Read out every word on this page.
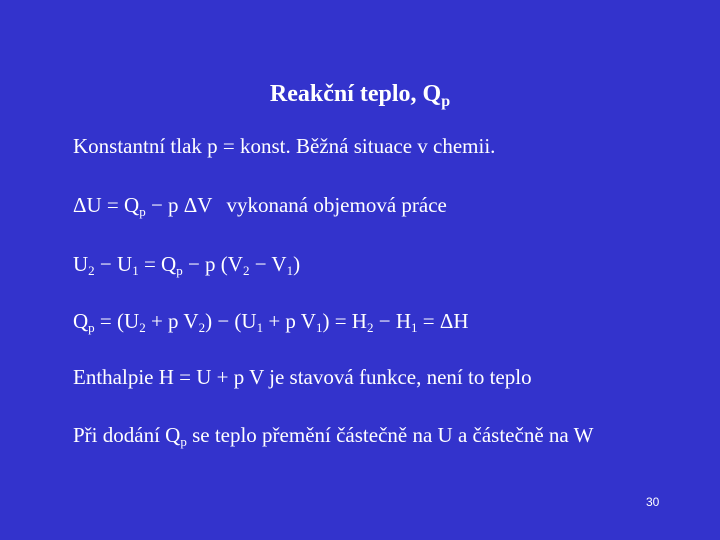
Reakční teplo, $Q_p$
Konstantní tlak p = konst. Běžná situace v chemii.
$\Delta U = Q_p - p$ ΔV vykonaná objemová práce
$U_2 - U_1 = Q_p - p$ $(V_2 - V_1)$
$Q_p = (U_2 + p$ $V_2) - (U_1 + p$ $V_1) = H_2 - H_1 = \Delta H$
Enthalpie H = U + p V je stavová funkce, není to teplo
Při dodání $Q_p$ se teplo přemění částečně na U a částečně na W
30
